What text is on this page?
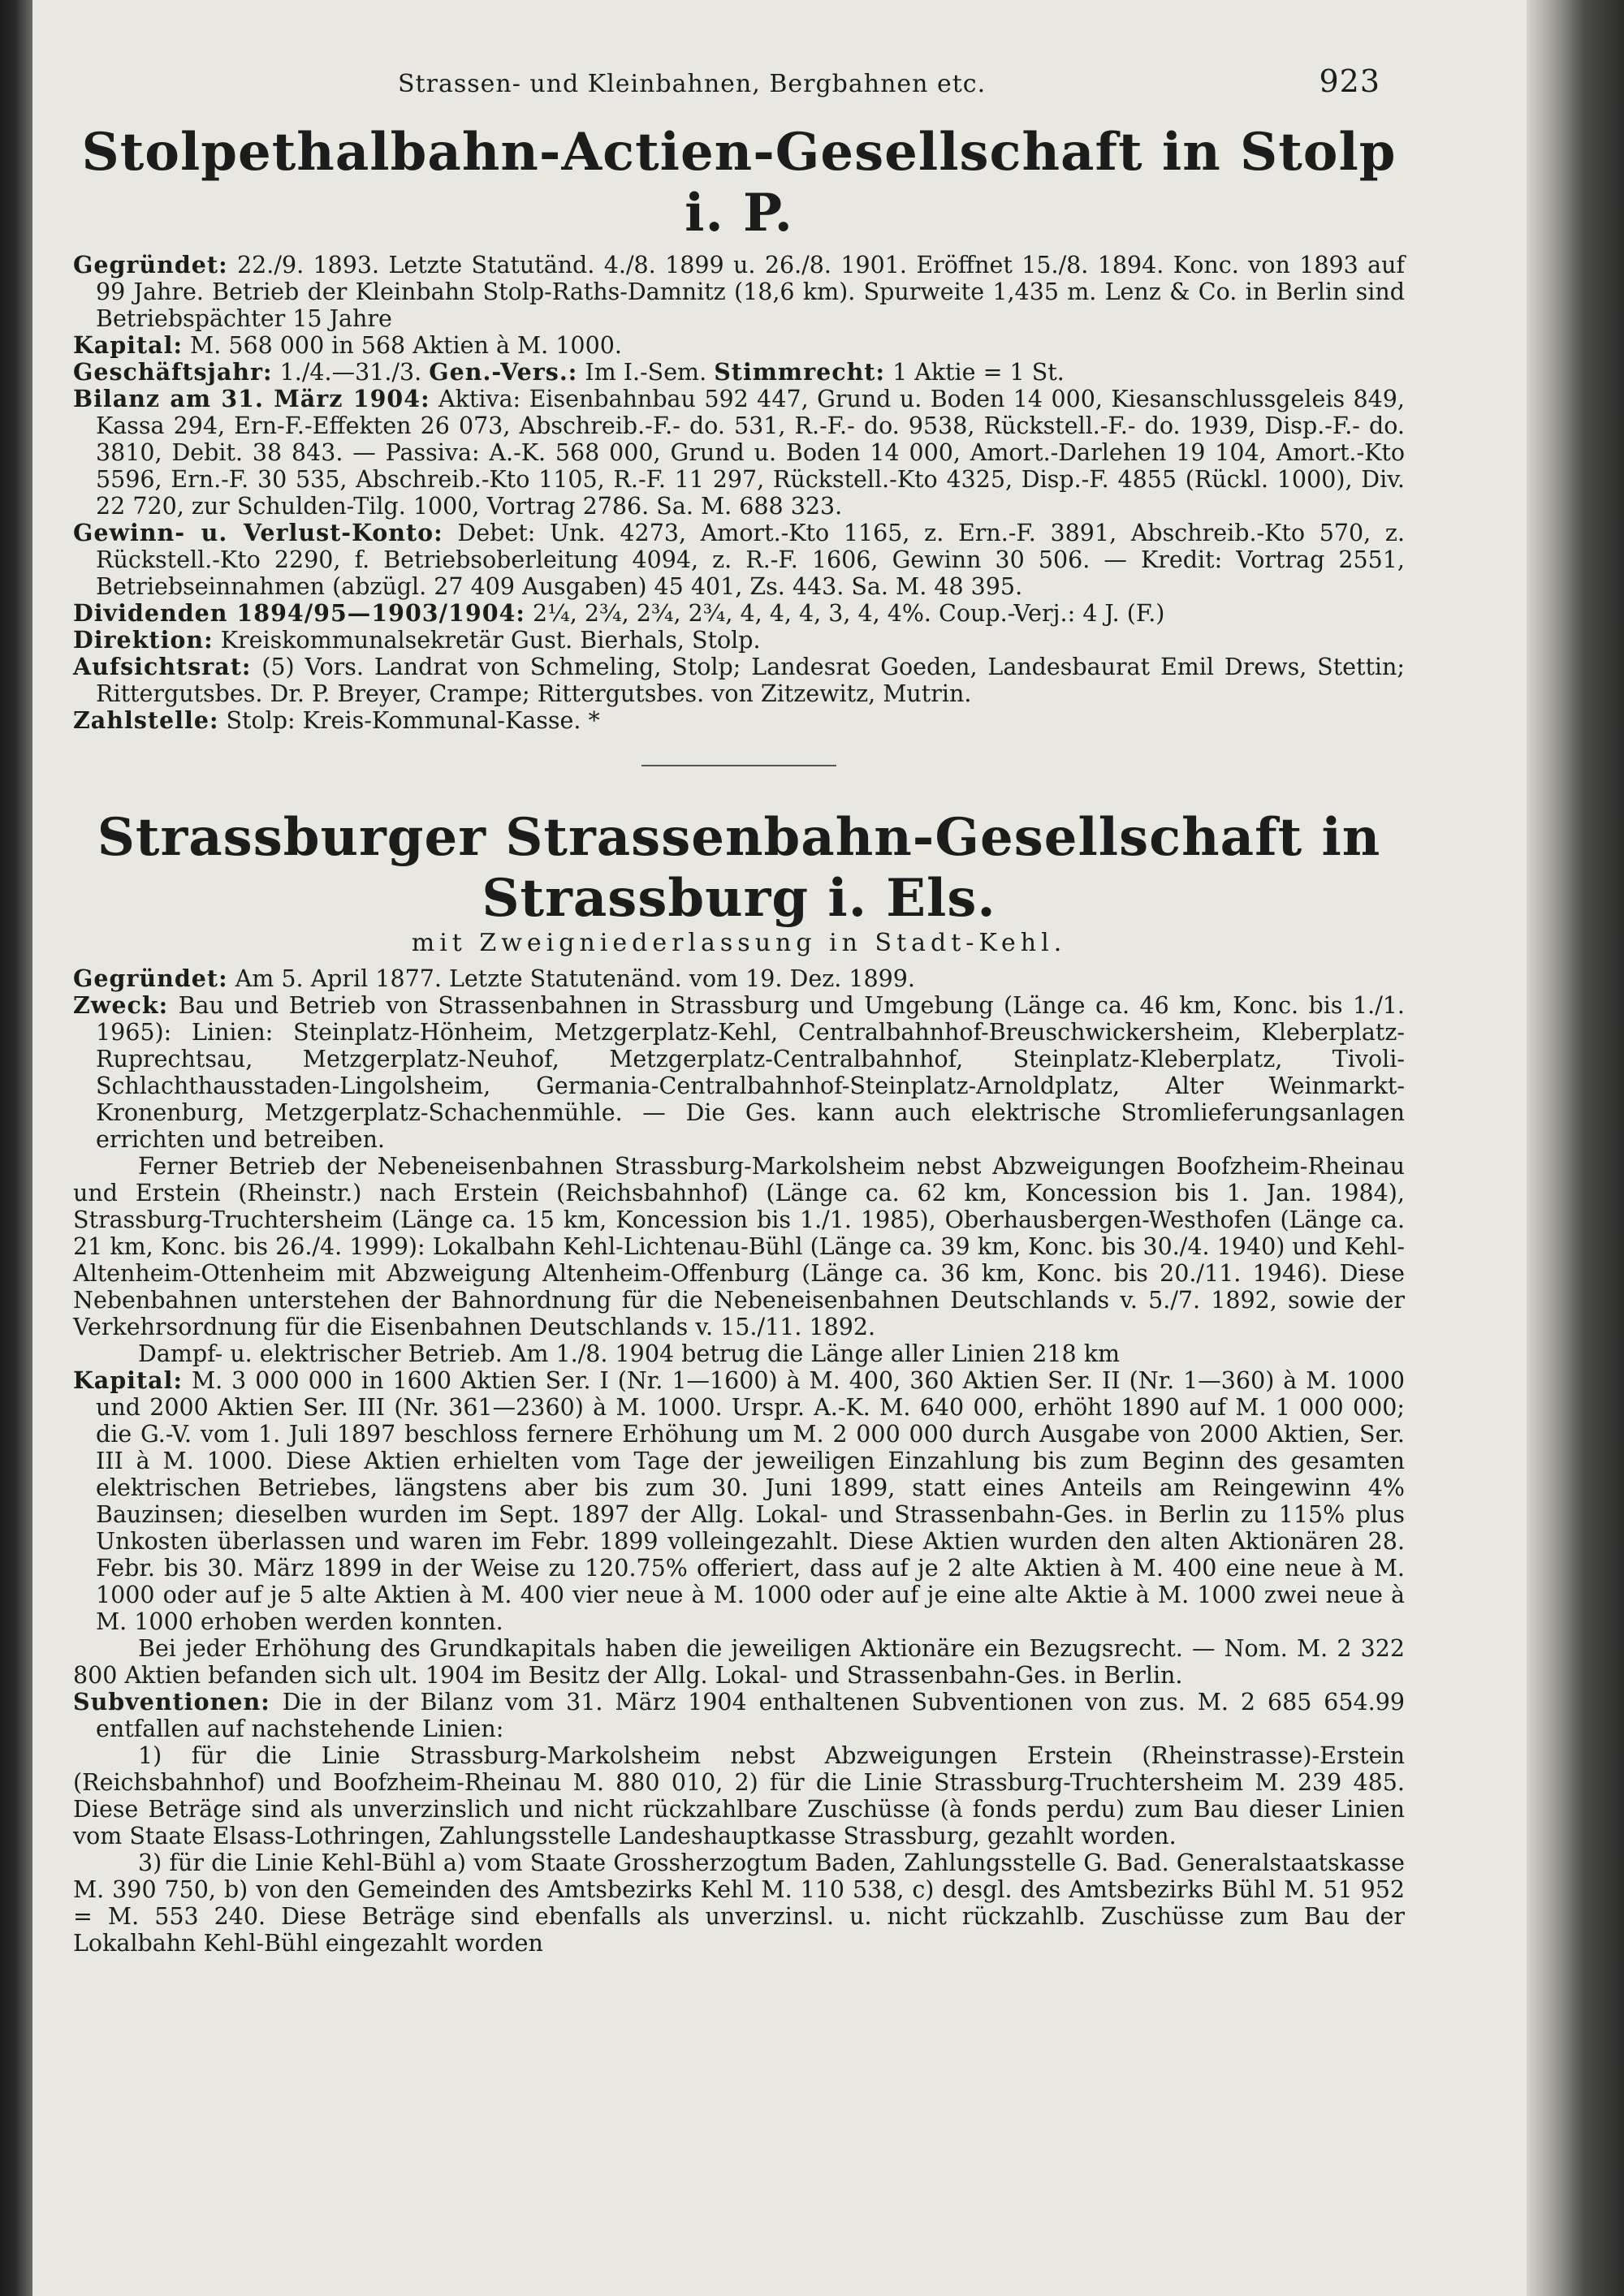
Strassen- und Kleinbahnen, Bergbahnen etc.	923
Stolpethalbahn-Actien-Gesellschaft in Stolp i. P.

Gegründet: 22./9. 1893. Letzte Statutänd. 4./8. 1899 u. 26./8. 1901. Eröffnet 15./8. 1894. Konc. von 1893 auf 99 Jahre. Betrieb der Kleinbahn Stolp-Raths-Damnitz (18,6 km). Spurweite 1,435 m. Lenz & Co. in Berlin sind Betriebspächter 15 Jahre

Kapital: M. 568 000 in 568 Aktien à M. 1000.

Geschäftsjahr: 1./4.—31./3. Gen.-Vers.: Im I.-Sem. Stimmrecht: 1 Aktie = 1 St.

Bilanz am 31. März 1904: Aktiva: Eisenbahnbau 592 447, Grund u. Boden 14 000, Kiesanschlussgeleis 849, Kassa 294, Ern-F.-Effekten 26 073, Abschreib.-F.- do. 531, R.-F.- do. 9538, Rückstell.-F.- do. 1939, Disp.-F.- do. 3810, Debit. 38 843. — Passiva: A.-K. 568 000, Grund u. Boden 14 000, Amort.-Darlehen 19 104, Amort.-Kto 5596, Ern.-F. 30 535, Abschreib.-Kto 1105, R.-F. 11 297, Rückstell.-Kto 4325, Disp.-F. 4855 (Rückl. 1000), Div. 22 720, zur Schulden-Tilg. 1000, Vortrag 2786. Sa. M. 688 323.

Gewinn- u. Verlust-Konto: Debet: Unk. 4273, Amort.-Kto 1165, z. Ern.-F. 3891, Abschreib.-Kto 570, z. Rückstell.-Kto 2290, f. Betriebsoberleitung 4094, z. R.-F. 1606, Gewinn 30 506. — Kredit: Vortrag 2551, Betriebseinnahmen (abzügl. 27 409 Ausgaben) 45 401, Zs. 443. Sa. M. 48 395.

Dividenden 1894/95—1903/1904: 2¼, 2¾, 2¾, 2¾, 4, 4, 4, 3, 4, 4%. Coup.-Verj.: 4 J. (F.)

Direktion: Kreiskommunalsekretär Gust. Bierhals, Stolp.

Aufsichtsrat: (5) Vors. Landrat von Schmeling, Stolp; Landesrat Goeden, Landesbaurat Emil Drews, Stettin; Rittergutsbes. Dr. P. Breyer, Crampe; Rittergutsbes. von Zitzewitz, Mutrin.

Zahlstelle: Stolp: Kreis-Kommunal-Kasse. *

Strassburger Strassenbahn-Gesellschaft in Strassburg i. Els.
mit Zweigniederlassung in Stadt-Kehl.

Gegründet: Am 5. April 1877. Letzte Statutenänd. vom 19. Dez. 1899.

Zweck: Bau und Betrieb von Strassenbahnen in Strassburg und Umgebung (Länge ca. 46 km, Konc. bis 1./1. 1965): Linien: Steinplatz-Hönheim, Metzgerplatz-Kehl, Centralbahnhof-Breuschwickersheim, Kleberplatz-Ruprechtsau, Metzgerplatz-Neuhof, Metzgerplatz-Centralbahnhof, Steinplatz-Kleberplatz, Tivoli-Schlachthausstaden-Lingolsheim, Germania-Centralbahnhof-Steinplatz-Arnoldplatz, Alter Weinmarkt-Kronenburg, Metzgerplatz-Schachenmühle. — Die Ges. kann auch elektrische Stromlieferungsanlagen errichten und betreiben.

Ferner Betrieb der Nebeneisenbahnen Strassburg-Markolsheim nebst Abzweigungen Boofzheim-Rheinau und Erstein (Rheinstr.) nach Erstein (Reichsbahnhof) (Länge ca. 62 km, Koncession bis 1. Jan. 1984), Strassburg-Truchtersheim (Länge ca. 15 km, Koncession bis 1./1. 1985), Oberhausbergen-Westhofen (Länge ca. 21 km, Konc. bis 26./4. 1999): Lokalbahn Kehl-Lichtenau-Bühl (Länge ca. 39 km, Konc. bis 30./4. 1940) und Kehl-Altenheim-Ottenheim mit Abzweigung Altenheim-Offenburg (Länge ca. 36 km, Konc. bis 20./11. 1946). Diese Nebenbahnen unterstehen der Bahnordnung für die Nebeneisenbahnen Deutschlands v. 5./7. 1892, sowie der Verkehrsordnung für die Eisenbahnen Deutschlands v. 15./11. 1892.

Dampf- u. elektrischer Betrieb. Am 1./8. 1904 betrug die Länge aller Linien 218 km

Kapital: M. 3 000 000 in 1600 Aktien Ser. I (Nr. 1—1600) à M. 400, 360 Aktien Ser. II (Nr. 1—360) à M. 1000 und 2000 Aktien Ser. III (Nr. 361—2360) à M. 1000. Urspr. A.-K. M. 640 000, erhöht 1890 auf M. 1 000 000; die G.-V. vom 1. Juli 1897 beschloss fernere Erhöhung um M. 2 000 000 durch Ausgabe von 2000 Aktien, Ser. III à M. 1000. Diese Aktien erhielten vom Tage der jeweiligen Einzahlung bis zum Beginn des gesamten elektrischen Betriebes, längstens aber bis zum 30. Juni 1899, statt eines Anteils am Reingewinn 4% Bauzinsen; dieselben wurden im Sept. 1897 der Allg. Lokal- und Strassenbahn-Ges. in Berlin zu 115% plus Unkosten überlassen und waren im Febr. 1899 volleingezahlt. Diese Aktien wurden den alten Aktionären 28. Febr. bis 30. März 1899 in der Weise zu 120.75% offeriert, dass auf je 2 alte Aktien à M. 400 eine neue à M. 1000 oder auf je 5 alte Aktien à M. 400 vier neue à M. 1000 oder auf je eine alte Aktie à M. 1000 zwei neue à M. 1000 erhoben werden konnten.

Bei jeder Erhöhung des Grundkapitals haben die jeweiligen Aktionäre ein Bezugsrecht. — Nom. M. 2 322 800 Aktien befanden sich ult. 1904 im Besitz der Allg. Lokal- und Strassenbahn-Ges. in Berlin.

Subventionen: Die in der Bilanz vom 31. März 1904 enthaltenen Subventionen von zus. M. 2 685 654.99 entfallen auf nachstehende Linien:

1) für die Linie Strassburg-Markolsheim nebst Abzweigungen Erstein (Rheinstrasse)-Erstein (Reichsbahnhof) und Boofzheim-Rheinau M. 880 010, 2) für die Linie Strassburg-Truchtersheim M. 239 485. Diese Beträge sind als unverzinslich und nicht rückzahlbare Zuschüsse (à fonds perdu) zum Bau dieser Linien vom Staate Elsass-Lothringen, Zahlungsstelle Landeshauptkasse Strassburg, gezahlt worden.

3) für die Linie Kehl-Bühl a) vom Staate Grossherzogtum Baden, Zahlungsstelle G. Bad. Generalstaatskasse M. 390 750, b) von den Gemeinden des Amtsbezirks Kehl M. 110 538, c) desgl. des Amtsbezirks Bühl M. 51 952 = M. 553 240. Diese Beträge sind ebenfalls als unverzinsl. u. nicht rückzahlb. Zuschüsse zum Bau der Lokalbahn Kehl-Bühl eingezahlt worden
